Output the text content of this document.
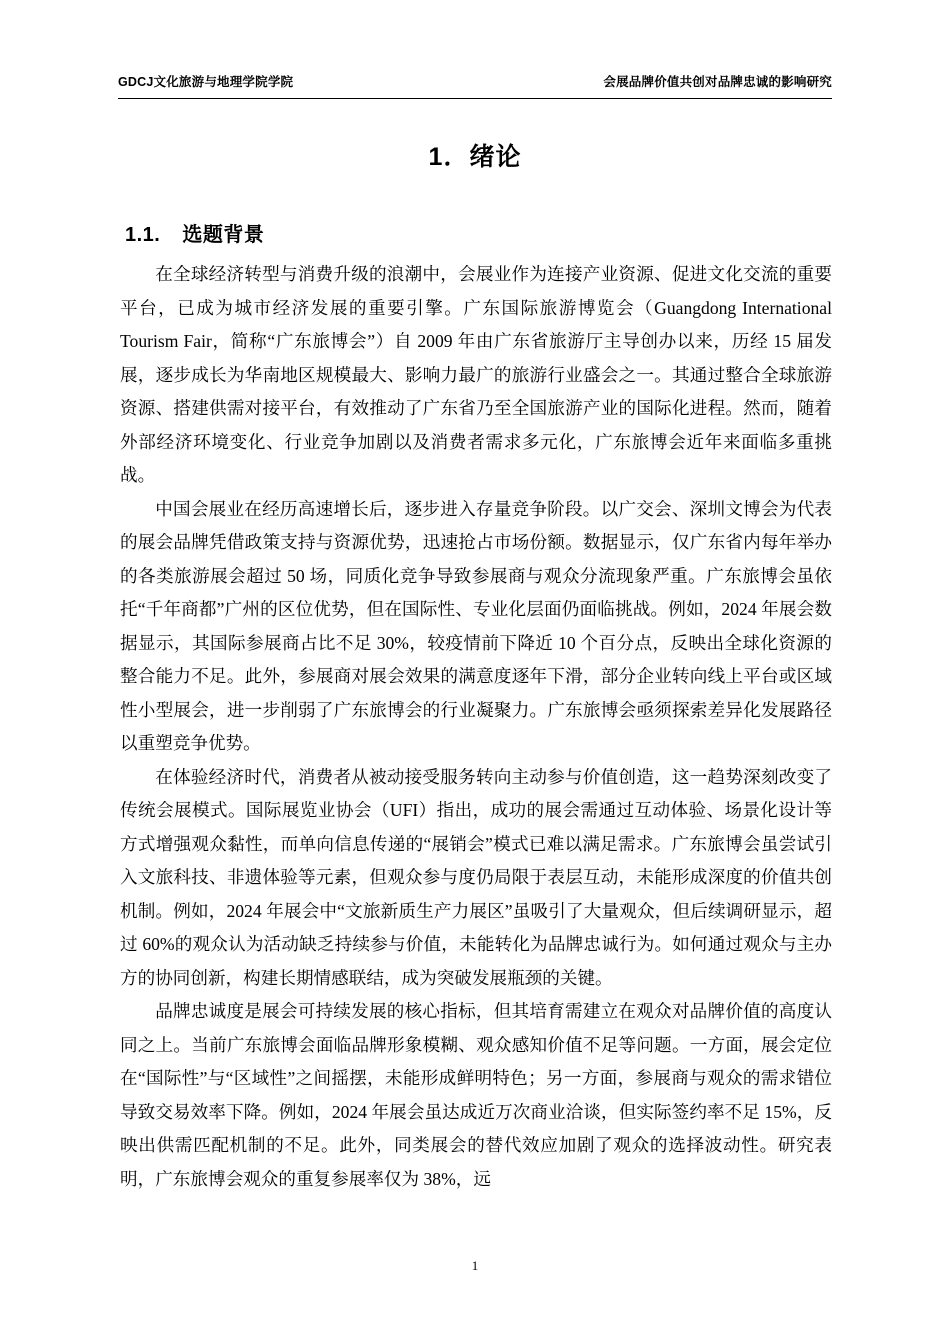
GDCJ文化旅游与地理学院学院	会展品牌价值共创对品牌忠诚的影响研究
1．绪论
1.1. 选题背景

在全球经济转型与消费升级的浪潮中，会展业作为连接产业资源、促进文化交流的重要平台，已成为城市经济发展的重要引擎。广东国际旅游博览会（Guangdong International Tourism Fair，简称“广东旅博会”）自 2009 年由广东省旅游厅主导创办以来，历经 15 届发展，逐步成长为华南地区规模最大、影响力最广的旅游行业盛会之一。其通过整合全球旅游资源、搭建供需对接平台，有效推动了广东省乃至全国旅游产业的国际化进程。然而，随着外部经济环境变化、行业竞争加剧以及消费者需求多元化，广东旅博会近年来面临多重挑战。

中国会展业在经历高速增长后，逐步进入存量竞争阶段。以广交会、深圳文博会为代表的展会品牌凭借政策支持与资源优势，迅速抢占市场份额。数据显示，仅广东省内每年举办的各类旅游展会超过 50 场，同质化竞争导致参展商与观众分流现象严重。广东旅博会虽依托“千年商都”广州的区位优势，但在国际性、专业化层面仍面临挑战。例如，2024 年展会数据显示，其国际参展商占比不足 30%，较疫情前下降近 10 个百分点，反映出全球化资源的整合能力不足。此外，参展商对展会效果的满意度逐年下滑，部分企业转向线上平台或区域性小型展会，进一步削弱了广东旅博会的行业凝聚力。广东旅博会亟须探索差异化发展路径以重塑竞争优势。

在体验经济时代，消费者从被动接受服务转向主动参与价值创造，这一趋势深刻改变了传统会展模式。国际展览业协会（UFI）指出，成功的展会需通过互动体验、场景化设计等方式增强观众黏性，而单向信息传递的“展销会”模式已难以满足需求。广东旅博会虽尝试引入文旅科技、非遗体验等元素，但观众参与度仍局限于表层互动，未能形成深度的价值共创机制。例如，2024 年展会中“文旅新质生产力展区”虽吸引了大量观众，但后续调研显示，超过 60%的观众认为活动缺乏持续参与价值，未能转化为品牌忠诚行为。如何通过观众与主办方的协同创新，构建长期情感联结，成为突破发展瓶颈的关键。

品牌忠诚度是展会可持续发展的核心指标，但其培育需建立在观众对品牌价值的高度认同之上。当前广东旅博会面临品牌形象模糊、观众感知价值不足等问题。一方面，展会定位在“国际性”与“区域性”之间摇摆，未能形成鲜明特色；另一方面，参展商与观众的需求错位导致交易效率下降。例如，2024 年展会虽达成近万次商业洽谈，但实际签约率不足 15%，反映出供需匹配机制的不足。此外，同类展会的替代效应加剧了观众的选择波动性。研究表明，广东旅博会观众的重复参展率仅为 38%，远

1
